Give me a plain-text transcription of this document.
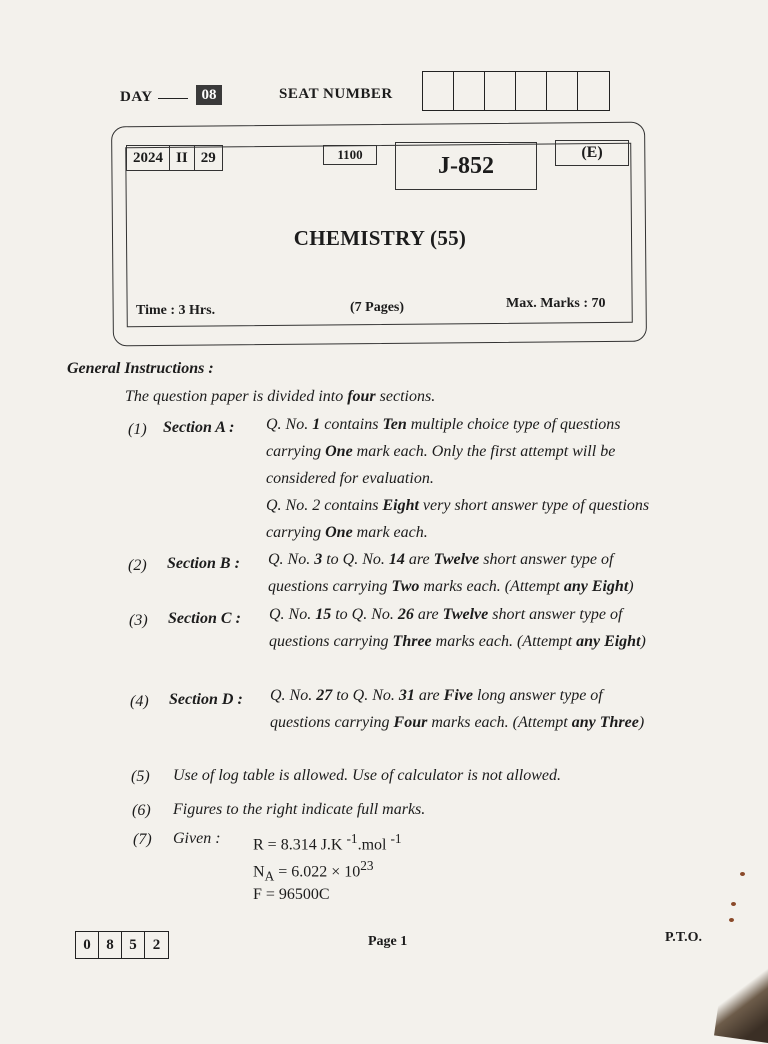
DAY	08	SEAT NUMBER
2024 II 29	1100	J-852
(E)
CHEMISTRY (55)
Time : 3 Hrs.	(7 Pages)	Max. Marks : 70
General Instructions :
The question paper is divided into four sections.
(1) Section A : Q. No. 1 contains Ten multiple choice type of questions carrying One mark each. Only the first attempt will be considered for evaluation.
Q. No. 2 contains Eight very short answer type of questions carrying One mark each.
(2) Section B : Q. No. 3 to Q. No. 14 are Twelve short answer type of questions carrying Two marks each. (Attempt any Eight)
(3) Section C : Q. No. 15 to Q. No. 26 are Twelve short answer type of questions carrying Three marks each. (Attempt any Eight)
(4) Section D : Q. No. 27 to Q. No. 31 are Five long answer type of questions carrying Four marks each. (Attempt any Three)
(5) Use of log table is allowed. Use of calculator is not allowed.
(6) Figures to the right indicate full marks.
(7) Given : R = 8.314 J.K $^{-1}$.mol $^{-1}$
$N_A = 6.022 \times 10^{23}$
F = 96500C
0	8	5	2	Page 1	P.T.O.
